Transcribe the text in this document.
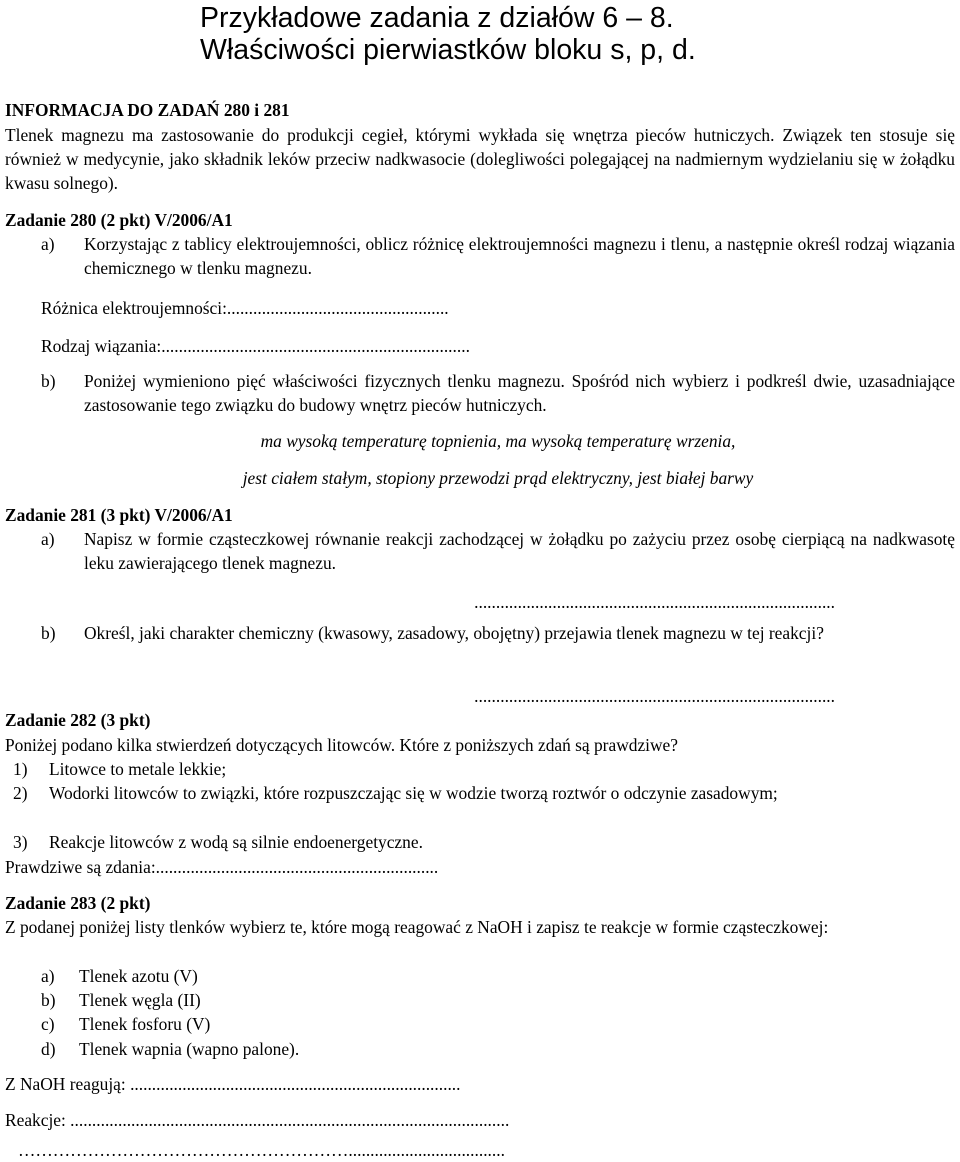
Przykładowe zadania z działów 6 – 8.
Właściwości pierwiastków bloku s, p, d.
INFORMACJA DO ZADAŃ 280 i 281
Tlenek magnezu ma zastosowanie do produkcji cegieł, którymi wykłada się wnętrza pieców hutniczych. Związek ten stosuje się również w medycynie, jako składnik leków przeciw nadkwasocie (dolegliwości polegającej na nadmiernym wydzielaniu się w żołądku kwasu solnego).
Zadanie 280 (2 pkt) V/2006/A1
a)	Korzystając z tablicy elektroujemności, oblicz różnicę elektroujemności magnezu i tlenu, a następnie określ rodzaj wiązania chemicznego w tlenku magnezu.
Różnica elektroujemności:...................................................
Rodzaj wiązania:.......................................................................
b)	Poniżej wymieniono pięć właściwości fizycznych tlenku magnezu. Spośród nich wybierz i podkreśl dwie, uzasadniające zastosowanie tego związku do budowy wnętrz pieców hutniczych.
ma wysoką temperaturę topnienia, ma wysoką temperaturę wrzenia,
jest ciałem stałym, stopiony przewodzi prąd elektryczny, jest białej barwy
Zadanie 281 (3 pkt) V/2006/A1
a)	Napisz w formie cząsteczkowej równanie reakcji zachodzącej w żołądku po zażyciu przez osobę cierpiącą na nadkwasotę leku zawierającego tlenek magnezu.
...................................................................................
b)	Określ, jaki charakter chemiczny (kwasowy, zasadowy, obojętny) przejawia tlenek magnezu w tej reakcji?
...................................................................................
Zadanie 282 (3 pkt)
Poniżej podano kilka stwierdzeń dotyczących litowców. Które z poniższych zdań są prawdziwe?
1)	Litowce to metale lekkie;
2)	Wodorki litowców to związki, które rozpuszczając się w wodzie tworzą roztwór o odczynie zasadowym;
3)	Reakcje litowców z wodą są silnie endoenergetyczne.
Prawdziwe są zdania:.................................................................
Zadanie 283 (2 pkt)
Z podanej poniżej listy tlenków wybierz te, które mogą reagować z NaOH i zapisz te reakcje w formie cząsteczkowej:
a)	Tlenek azotu (V)
b)	Tlenek węgla (II)
c)	Tlenek fosforu (V)
d)	Tlenek wapnia (wapno palone).
Z NaOH reagują: ............................................................................
Reakcje: .....................................................................................................
…………………………………………………....................................
